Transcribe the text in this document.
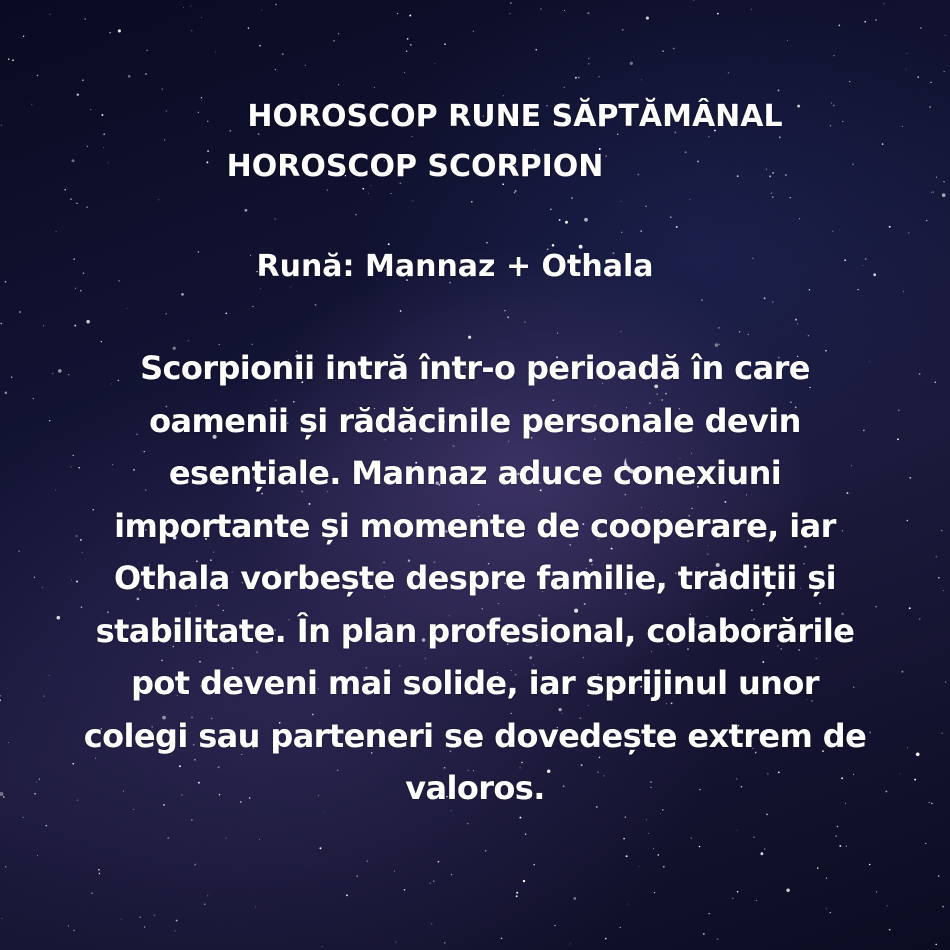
HOROSCOP RUNE SĂPTĂMÂNAL

HOROSCOP SCORPION

Rună: Mannaz + Othala

Scorpionii intră într-o perioadă în care
oamenii și rădăcinile personale devin
esențiale. Mannaz aduce conexiuni
importante și momente de cooperare, iar
Othala vorbește despre familie, tradiții și
stabilitate. În plan profesional, colaborările
pot deveni mai solide, iar sprijinul unor
colegi sau parteneri se dovedește extrem de
valoros.
